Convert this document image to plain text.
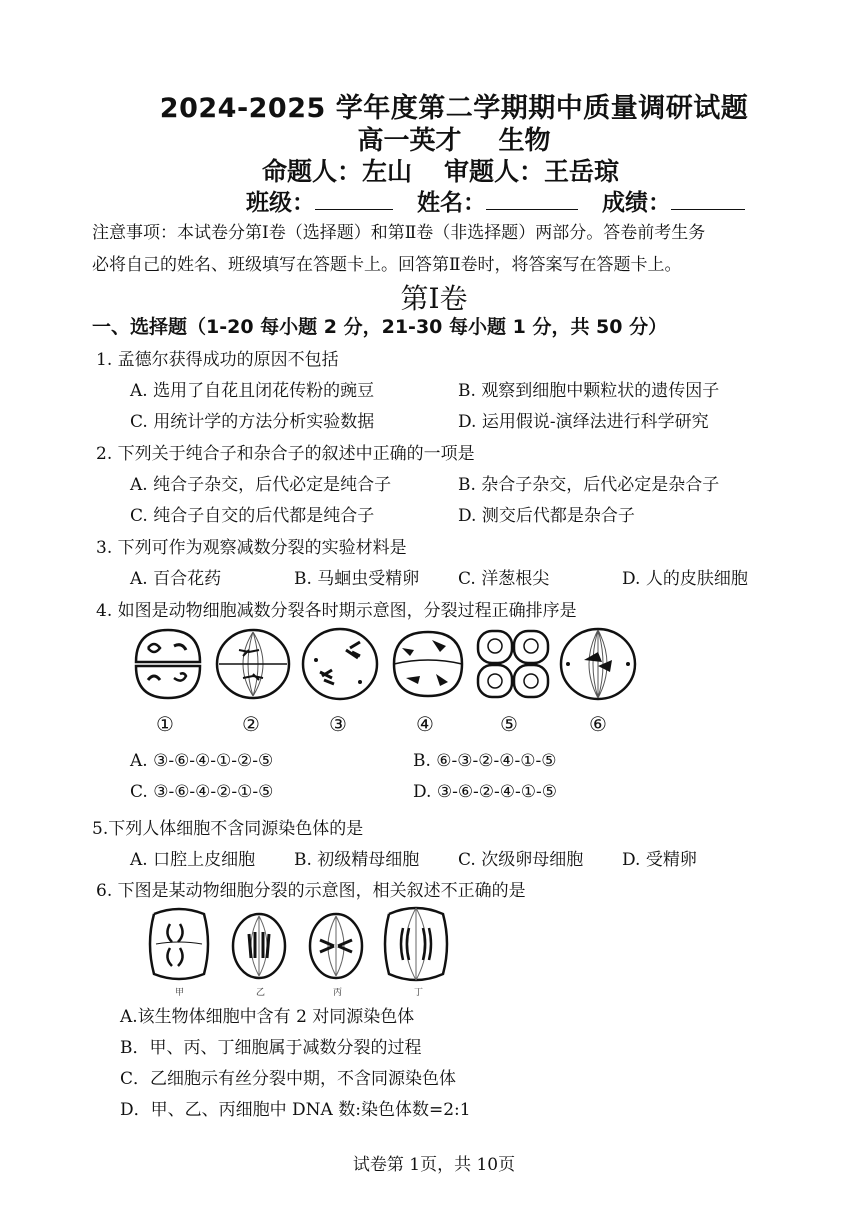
2024-2025 学年度第二学期期中质量调研试题
高一英才 生物
命题人：左山 审题人：王岳琼
班级：	姓名：	成绩：
注意事项：本试卷分第Ⅰ卷（选择题）和第Ⅱ卷（非选择题）两部分。答卷前考生务
必将自己的姓名、班级填写在答题卡上。回答第Ⅱ卷时，将答案写在答题卡上。
第Ⅰ卷
一、选择题（1-20 每小题 2 分，21-30 每小题 1 分，共 50 分）
1. 孟德尔获得成功的原因不包括
A. 选用了自花且闭花传粉的豌豆	B. 观察到细胞中颗粒状的遗传因子
C. 用统计学的方法分析实验数据	D. 运用假说-演绎法进行科学研究
2. 下列关于纯合子和杂合子的叙述中正确的一项是
A. 纯合子杂交，后代必定是纯合子	B. 杂合子杂交，后代必定是杂合子
C. 纯合子自交的后代都是纯合子	D. 测交后代都是杂合子
3. 下列可作为观察减数分裂的实验材料是
A. 百合花药	B. 马蛔虫受精卵 C. 洋葱根尖	D. 人的皮肤细胞
4. 如图是动物细胞减数分裂各时期示意图，分裂过程正确排序是
①	②	③	④	⑤	⑥
A. ③-⑥-④-①-②-⑤	B. ⑥-③-②-④-①-⑤
C. ③-⑥-④-②-①-⑤	D. ③-⑥-②-④-①-⑤
5.下列人体细胞不含同源染色体的是
A. 口腔上皮细胞 B. 初级精母细胞 C. 次级卵母细胞 D. 受精卵
6. 下图是某动物细胞分裂的示意图，相关叙述不正确的是
甲	乙	丙	丁
A.该生物体细胞中含有 2 对同源染色体
B．甲、丙、丁细胞属于减数分裂的过程
C．乙细胞示有丝分裂中期，不含同源染色体
D．甲、乙、丙细胞中 DNA 数:染色体数=2:1
试卷第 1页，共 10页
